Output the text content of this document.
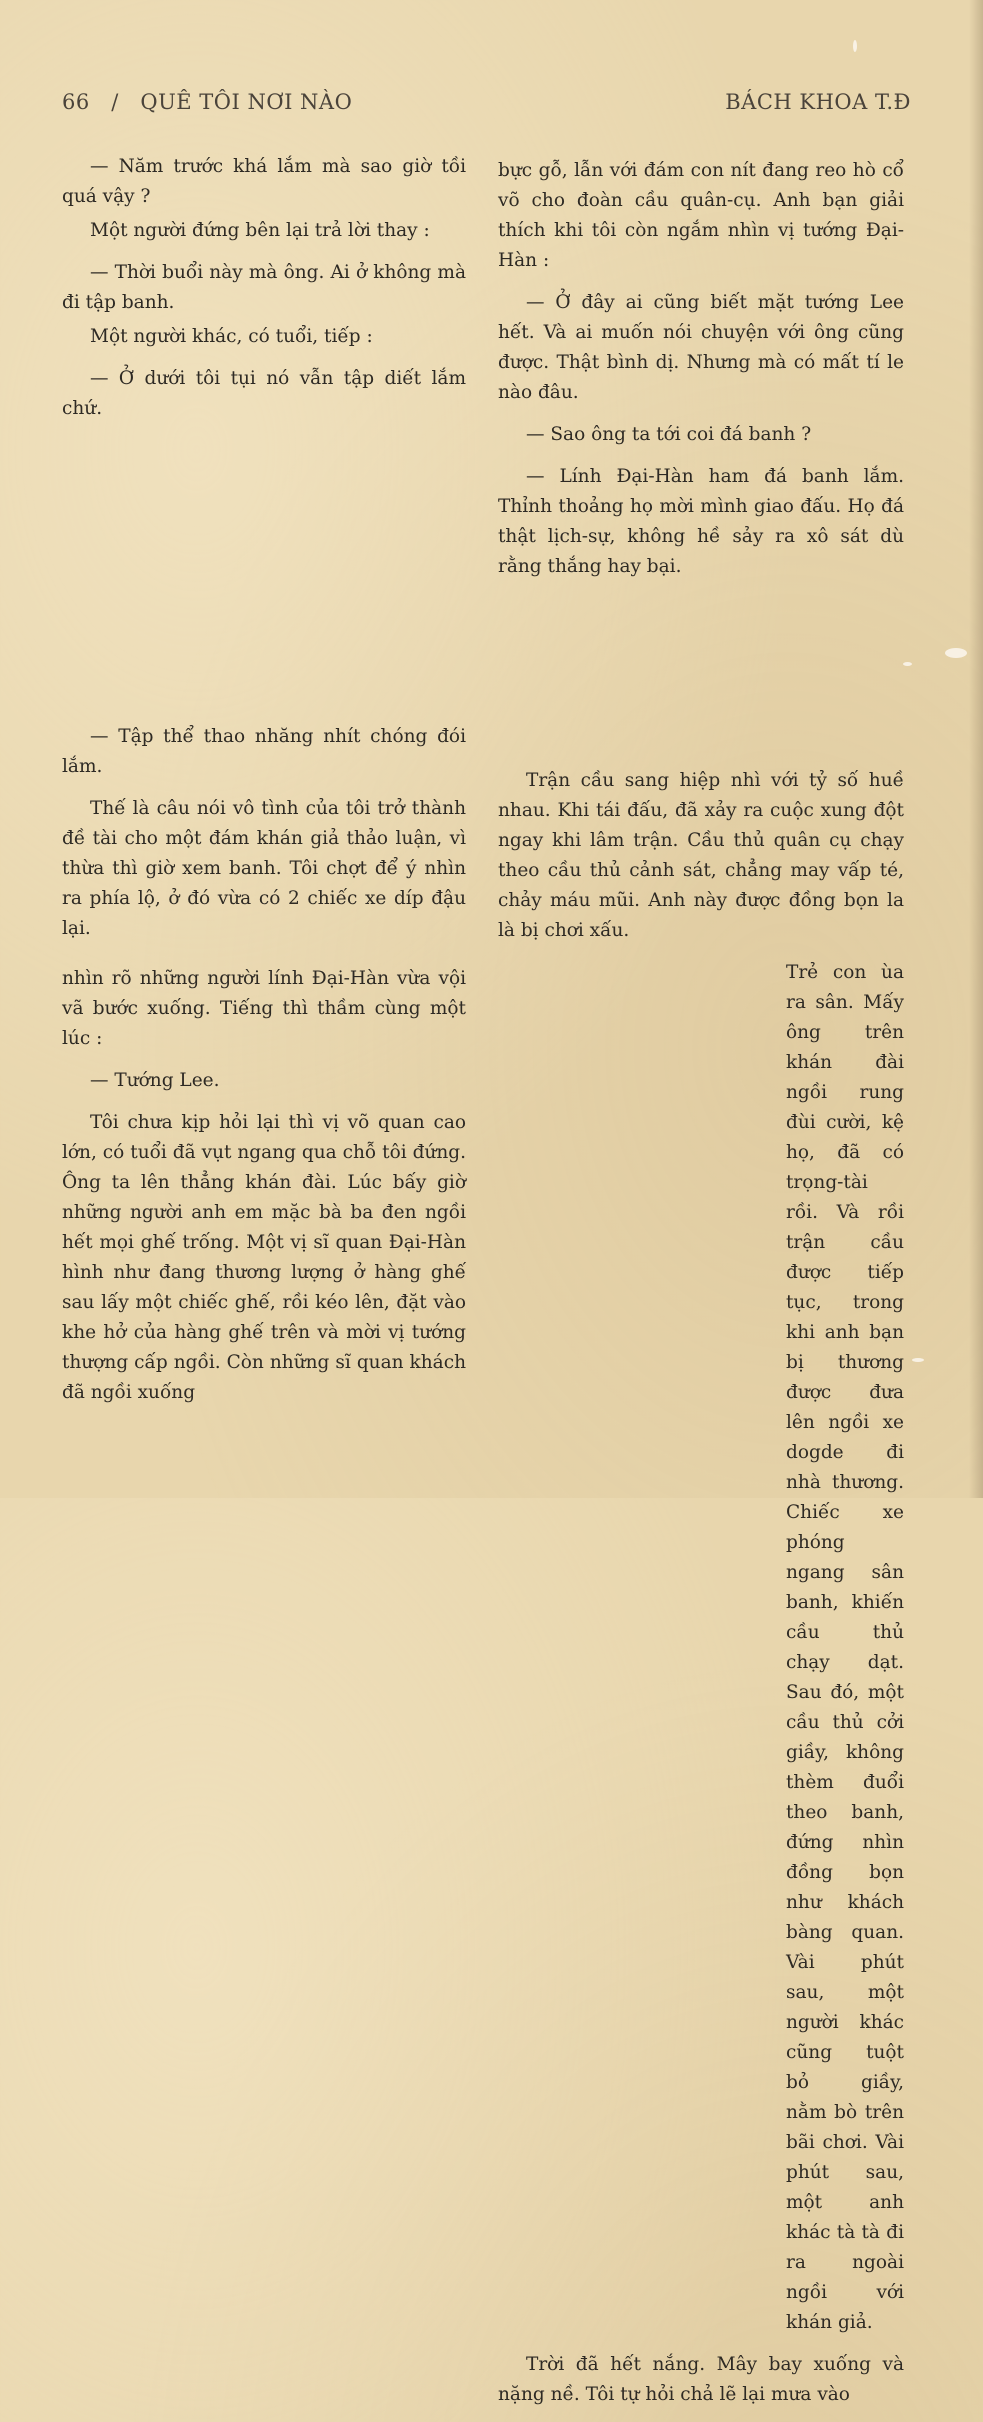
66 / QUÊ TÔI NƠI NÀO	BÁCH KHOA T.Đ

— Năm trước khá lắm mà sao giờ tồi quá vậy ?

Một người đứng bên lại trả lời thay :

— Thời buổi này mà ông. Ai ở không mà đi tập banh.

Một người khác, có tuổi, tiếp :

— Ở dưới tôi tụi nó vẫn tập diết lắm chứ.

— Tập thể thao nhăng nhít chóng đói lắm.

Thế là câu nói vô tình của tôi trở thành đề tài cho một đám khán giả thảo luận, vì thừa thì giờ xem banh. Tôi chợt để ý nhìn ra phía lộ, ở đó vừa có 2 chiếc xe díp đậu lại.

nhìn rõ những người lính Đại-Hàn vừa vội vã bước xuống. Tiếng thì thầm cùng một lúc :

— Tướng Lee.

Tôi chưa kịp hỏi lại thì vị võ quan cao lớn, có tuổi đã vụt ngang qua chỗ tôi đứng. Ông ta lên thẳng khán đài. Lúc bấy giờ những người anh em mặc bà ba đen ngồi hết mọi ghế trống. Một vị sĩ quan Đại-Hàn hình như đang thương lượng ở hàng ghế sau lấy một chiếc ghế, rồi kéo lên, đặt vào khe hở của hàng ghế trên và mời vị tướng thượng cấp ngồi. Còn những sĩ quan khách đã ngồi xuống

bực gỗ, lẫn với đám con nít đang reo hò cổ võ cho đoàn cầu quân-cụ. Anh bạn giải thích khi tôi còn ngắm nhìn vị tướng Đại-Hàn :

— Ở đây ai cũng biết mặt tướng Lee hết. Và ai muốn nói chuyện với ông cũng được. Thật bình dị. Nhưng mà có mất tí le nào đâu.

— Sao ông ta tới coi đá banh ?

— Lính Đại-Hàn ham đá banh lắm. Thỉnh thoảng họ mời mình giao đấu. Họ đá thật lịch-sự, không hề sảy ra xô sát dù rằng thắng hay bại.

Trận cầu sang hiệp nhì với tỷ số huề nhau. Khi tái đấu, đã xảy ra cuộc xung đột ngay khi lâm trận. Cầu thủ quân cụ chạy theo cầu thủ cảnh sát, chẳng may vấp té, chảy máu mũi. Anh này được đồng bọn la là bị chơi xấu.

Trẻ con ùa ra sân. Mấy ông trên khán đài ngồi rung đùi cười, kệ họ, đã có trọng-tài rồi. Và rồi trận cầu được tiếp tục, trong khi anh bạn bị thương được đưa lên ngồi xe dogde đi nhà thương. Chiếc xe phóng ngang sân banh, khiến cầu thủ chạy dạt. Sau đó, một cầu thủ cởi giầy, không thèm đuổi theo banh, đứng nhìn đồng bọn như khách bàng quan. Vài phút sau, một người khác cũng tuột bỏ giầy, nằm bò trên bãi chơi. Vài phút sau, một anh khác tà tà đi ra ngoài ngồi với khán giả.

Trời đã hết nắng. Mây bay xuống và nặng nề. Tôi tự hỏi chả lẽ lại mưa vào
